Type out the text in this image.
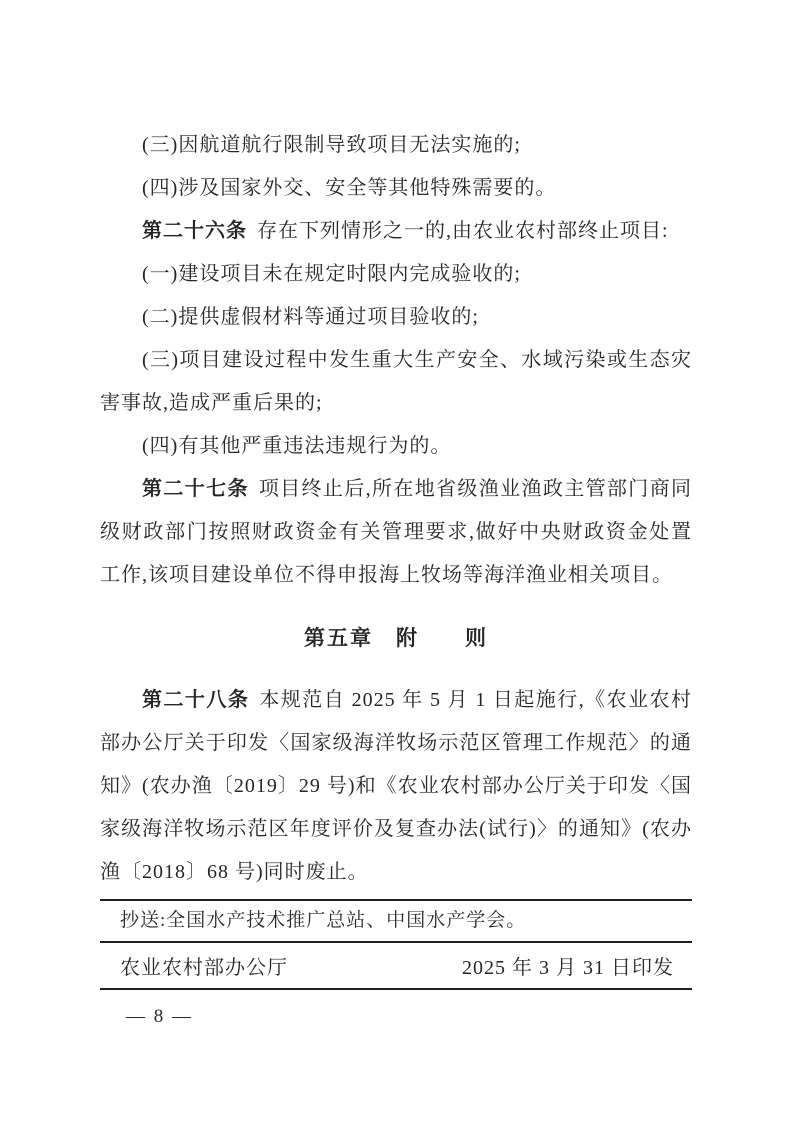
(三)因航道航行限制导致项目无法实施的;

(四)涉及国家外交、安全等其他特殊需要的。

第二十六条 存在下列情形之一的,由农业农村部终止项目:

(一)建设项目未在规定时限内完成验收的;

(二)提供虚假材料等通过项目验收的;

(三)项目建设过程中发生重大生产安全、水域污染或生态灾害事故,造成严重后果的;

(四)有其他严重违法违规行为的。

第二十七条 项目终止后,所在地省级渔业渔政主管部门商同级财政部门按照财政资金有关管理要求,做好中央财政资金处置工作,该项目建设单位不得申报海上牧场等海洋渔业相关项目。

第五章　附　　则

第二十八条 本规范自 2025 年 5 月 1 日起施行,《农业农村部办公厅关于印发〈国家级海洋牧场示范区管理工作规范〉的通知》(农办渔〔2019〕29 号)和《农业农村部办公厅关于印发〈国家级海洋牧场示范区年度评价及复查办法(试行)〉的通知》(农办渔〔2018〕68 号)同时废止。

抄送:全国水产技术推广总站、中国水产学会。
农业农村部办公厅	2025 年 3 月 31 日印发
— 8 —
